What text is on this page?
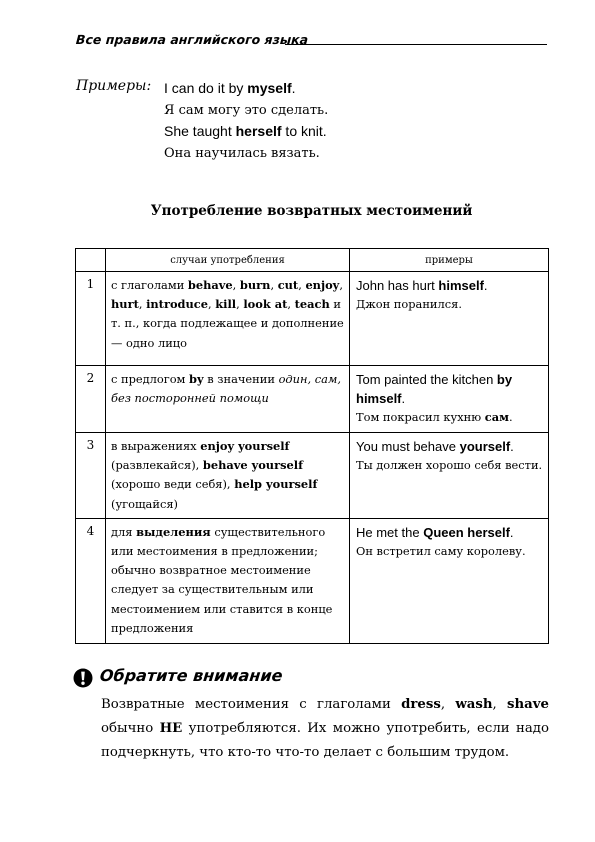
Все правила английского языка
Примеры: I can do it by myself.
Я сам могу это сделать.
She taught herself to knit.
Она научилась вязать.
Употребление возвратных местоимений
	случаи употребления	примеры
1	с глаголами behave, burn, cut, enjoy, hurt, introduce, kill, look at, teach и т. п., когда подлежащее и дополнение — одно лицо	John has hurt himself.
Джон поранился.

2	с предлогом by в значении один, сам, без посторонней помощи	Tom painted the kitchen by himself.
Том покрасил кухню сам.

3	в выражениях enjoy yourself (развлекайся), behave yourself (хорошо веди себя), help yourself (угощайся)	You must behave yourself.
Ты должен хорошо себя вести.

4	для выделения существительного или местоимения в предложении; обычно возвратное местоимение следует за существительным или местоимением или ставится в конце предложения	He met the Queen herself.
Он встретил саму королеву.
Обратите внимание
Возвратные местоимения с глаголами dress, wash, shave обычно НЕ употребляются. Их можно употребить, если надо подчеркнуть, что кто-то что-то делает с большим трудом.
